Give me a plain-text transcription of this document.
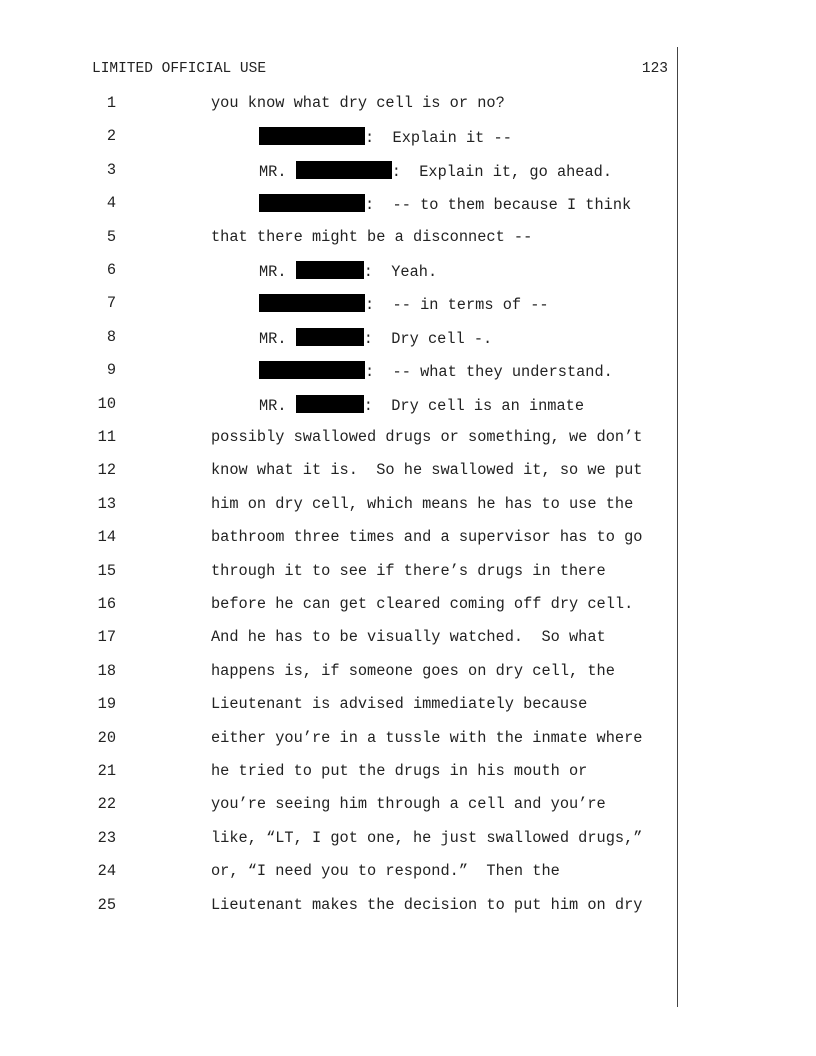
LIMITED OFFICIAL USE	123
1	you know what dry cell is or no?
2	:  Explain it --
3	MR.	:  Explain it, go ahead.
4	:  -- to them because I think
5	that there might be a disconnect --
6	MR.	:  Yeah.
7	:  -- in terms of --
8	MR.	:  Dry cell -.
9	:  -- what they understand.
10	MR.	:  Dry cell is an inmate
11	possibly swallowed drugs or something, we don’t
12	know what it is.  So he swallowed it, so we put
13	him on dry cell, which means he has to use the
14	bathroom three times and a supervisor has to go
15	through it to see if there’s drugs in there
16	before he can get cleared coming off dry cell.
17	And he has to be visually watched.  So what
18	happens is, if someone goes on dry cell, the
19	Lieutenant is advised immediately because
20	either you’re in a tussle with the inmate where
21	he tried to put the drugs in his mouth or
22	you’re seeing him through a cell and you’re
23	like, “LT, I got one, he just swallowed drugs,”
24	or, “I need you to respond.”  Then the
25	Lieutenant makes the decision to put him on dry
